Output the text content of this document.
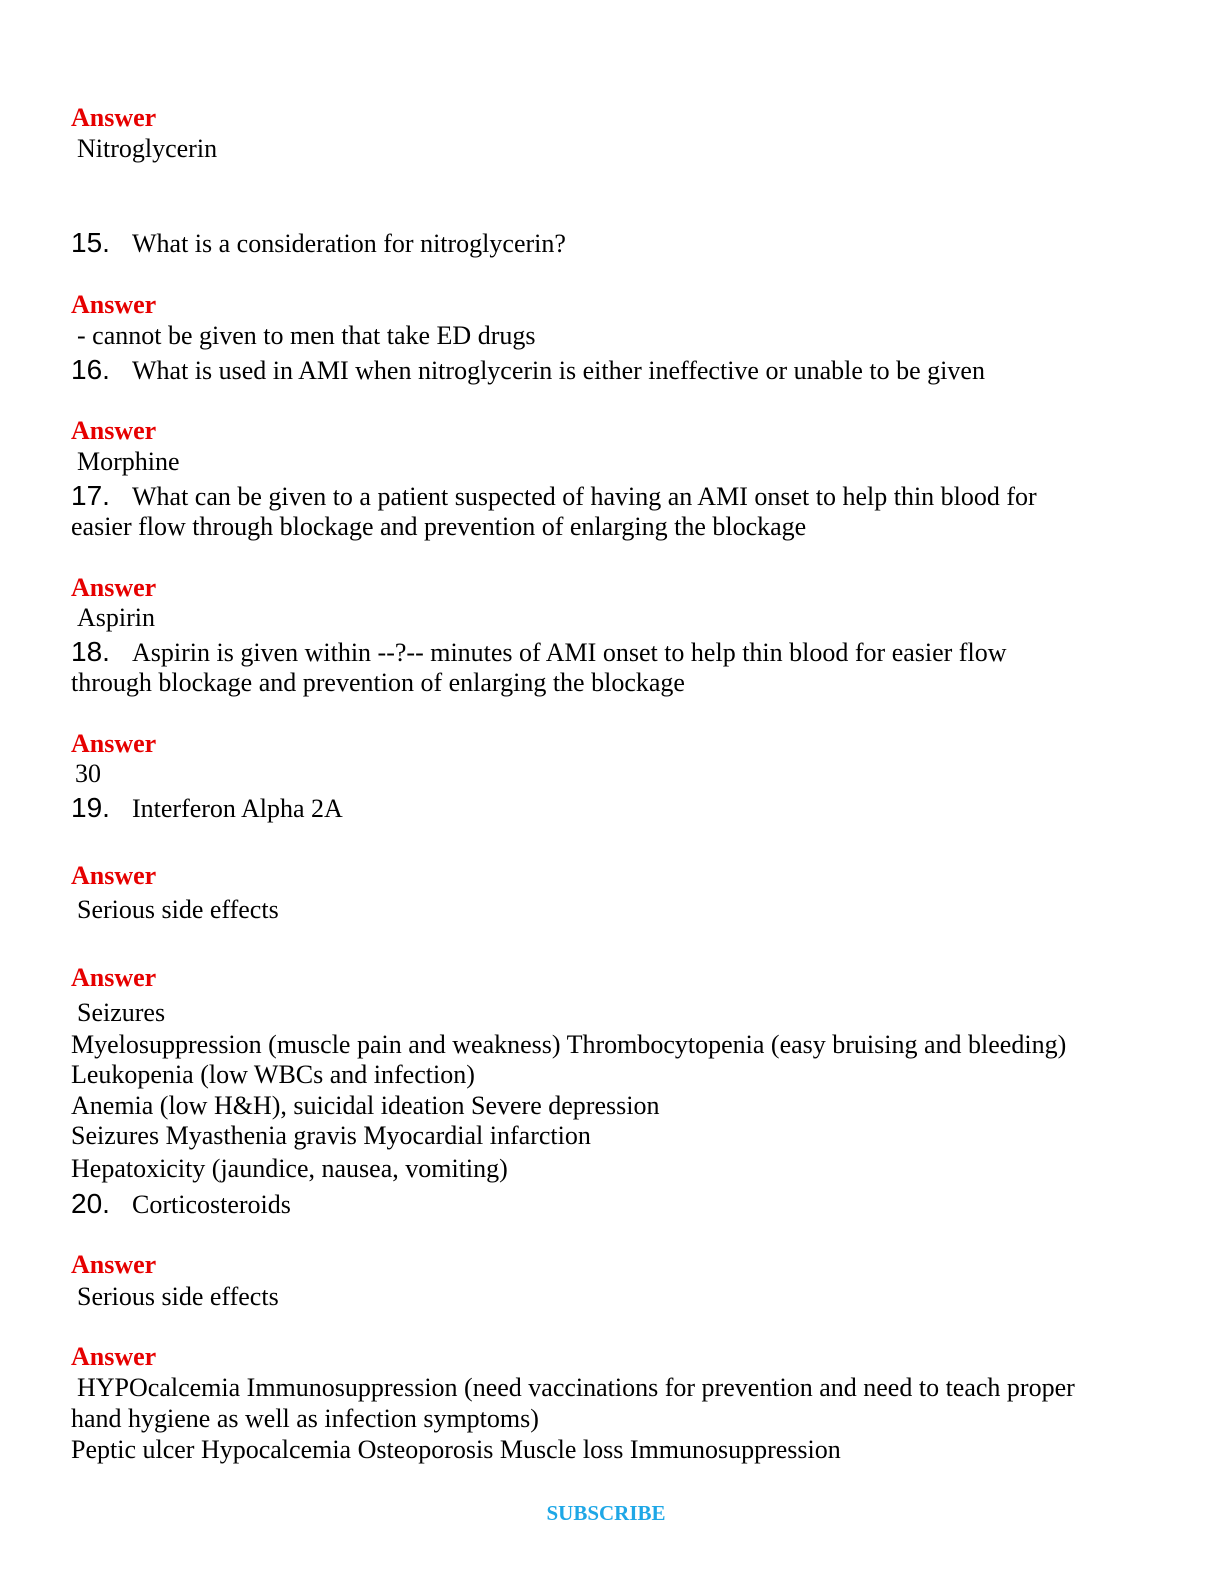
Answer
Nitroglycerin
15. What is a consideration for nitroglycerin?
Answer
- cannot be given to men that take ED drugs
16. What is used in AMI when nitroglycerin is either ineffective or unable to be given
Answer
Morphine
17. What can be given to a patient suspected of having an AMI onset to help thin blood for
easier flow through blockage and prevention of enlarging the blockage
Answer
Aspirin
18. Aspirin is given within --?-- minutes of AMI onset to help thin blood for easier flow
through blockage and prevention of enlarging the blockage
Answer
30
19. Interferon Alpha 2A
Answer
Serious side effects
Answer
Seizures
Myelosuppression (muscle pain and weakness) Thrombocytopenia (easy bruising and bleeding)
Leukopenia (low WBCs and infection)
Anemia (low H&H), suicidal ideation Severe depression
Seizures Myasthenia gravis Myocardial infarction
Hepatoxicity (jaundice, nausea, vomiting)
20. Corticosteroids
Answer
Serious side effects
Answer
HYPOcalcemia Immunosuppression (need vaccinations for prevention and need to teach proper
hand hygiene as well as infection symptoms)
Peptic ulcer Hypocalcemia Osteoporosis Muscle loss Immunosuppression
SUBSCRIBE
